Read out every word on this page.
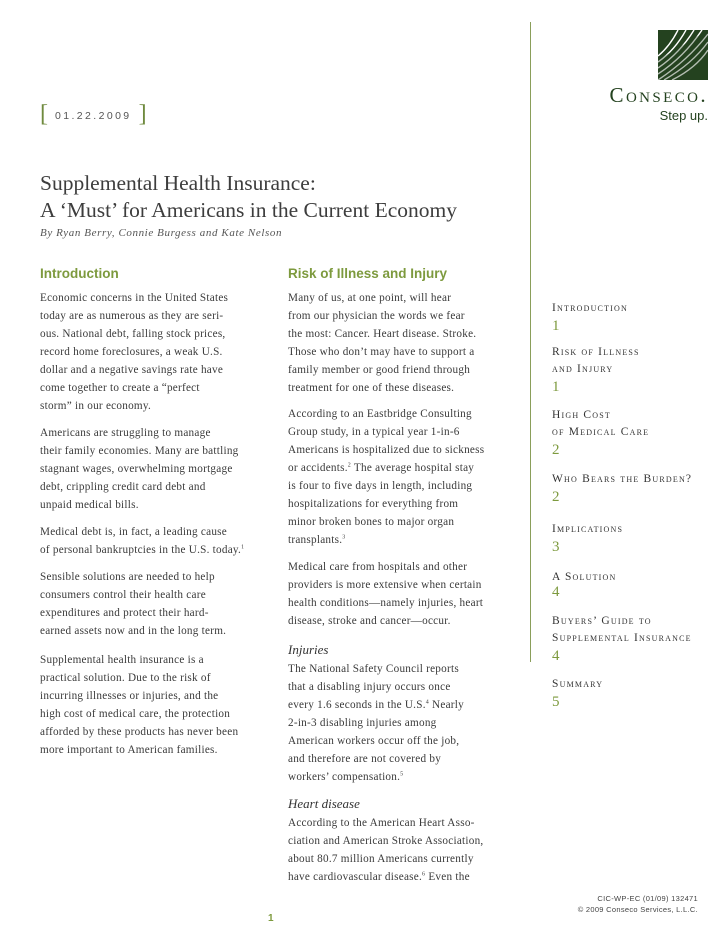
[ 01.22.2009 ]
Conseco.
Step up.
Supplemental Health Insurance:
A ‘Must’ for Americans in the Current Economy
By Ryan Berry, Connie Burgess and Kate Nelson
Introduction
Economic concerns in the United States
today are as numerous as they are seri-
ous. National debt, falling stock prices,
record home foreclosures, a weak U.S.
dollar and a negative savings rate have
come together to create a “perfect
storm” in our economy.
Americans are struggling to manage
their family economies. Many are battling
stagnant wages, overwhelming mortgage
debt, crippling credit card debt and
unpaid medical bills.
Medical debt is, in fact, a leading cause
of personal bankruptcies in the U.S. today.$^1$
Sensible solutions are needed to help
consumers control their health care
expenditures and protect their hard-
earned assets now and in the long term.
Supplemental health insurance is a
practical solution. Due to the risk of
incurring illnesses or injuries, and the
high cost of medical care, the protection
afforded by these products has never been
more important to American families.
Risk of Illness and Injury
Many of us, at one point, will hear
from our physician the words we fear
the most: Cancer. Heart disease. Stroke.
Those who don’t may have to support a
family member or good friend through
treatment for one of these diseases.
According to an Eastbridge Consulting
Group study, in a typical year 1-in-6
Americans is hospitalized due to sickness
or accidents.$^2$ The average hospital stay
is four to five days in length, including
hospitalizations for everything from
minor broken bones to major organ
transplants.$^3$
Medical care from hospitals and other
providers is more extensive when certain
health conditions—namely injuries, heart
disease, stroke and cancer—occur.
Injuries
The National Safety Council reports
that a disabling injury occurs once
every 1.6 seconds in the U.S.$^4$ Nearly
2-in-3 disabling injuries among
American workers occur off the job,
and therefore are not covered by
workers’ compensation.$^5$
Heart disease
According to the American Heart Asso-
ciation and American Stroke Association,
about 80.7 million Americans currently
have cardiovascular disease.$^6$ Even the
Introduction
1
Risk of Illness
and Injury
1
High Cost
of Medical Care
2
Who Bears the Burden?
2
Implications
3
A Solution
4
Buyers’ Guide to
Supplemental Insurance
4
Summary
5
CIC-WP-EC (01/09) 132471
© 2009 Conseco Services, L.L.C.
1
